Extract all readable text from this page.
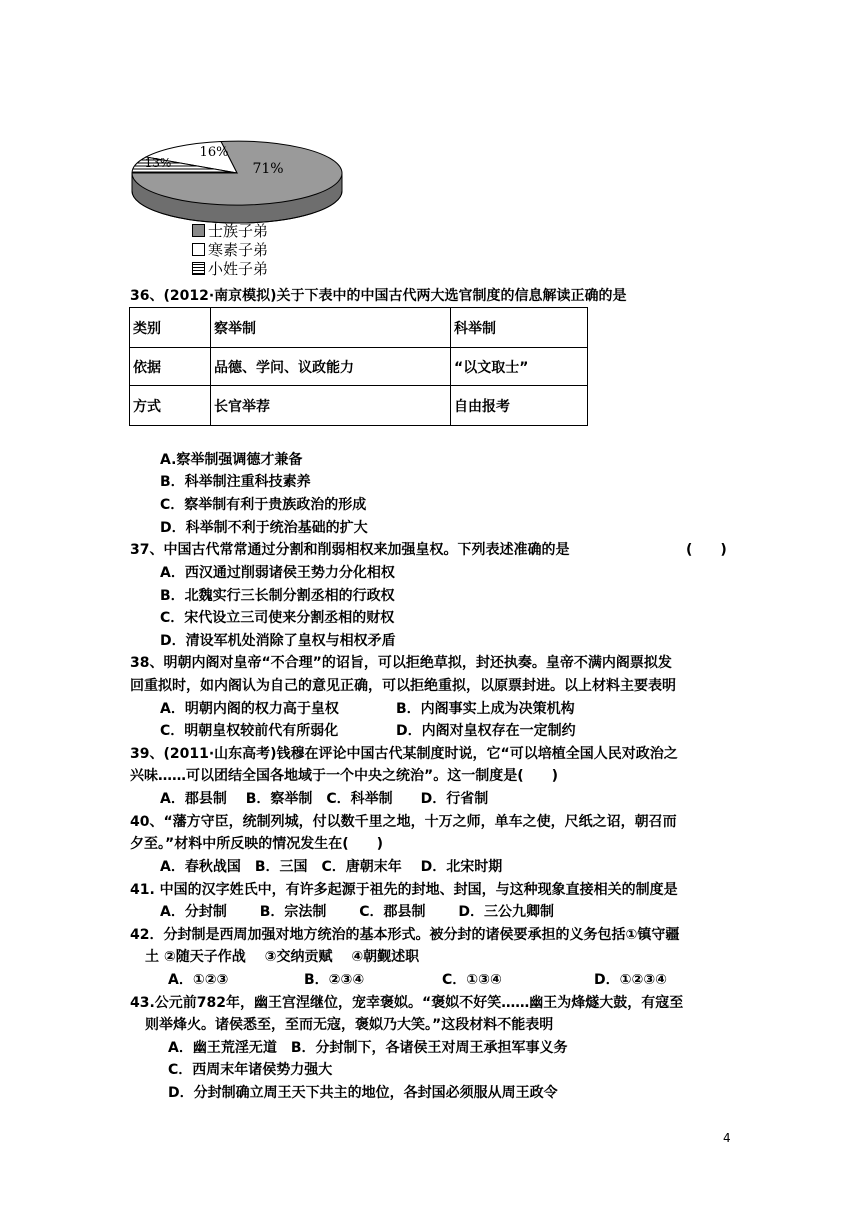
71%
16%
13%
士族子弟
寒素子弟
小姓子弟
36、(2012·南京模拟)关于下表中的中国古代两大选官制度的信息解读正确的是
类别	察举制	科举制
依据	品德、学问、议政能力	“以文取士”
方式	长官举荐	自由报考
A.察举制强调德才兼备
B．科举制注重科技素养
C．察举制有利于贵族政治的形成
D．科举制不利于统治基础的扩大
37、中国古代常常通过分割和削弱相权来加强皇权。下列表述准确的是	(　　)
A．西汉通过削弱诸侯王势力分化相权
B．北魏实行三长制分割丞相的行政权
C．宋代设立三司使来分割丞相的财权
D．清设军机处消除了皇权与相权矛盾
38、明朝内阁对皇帝“不合理”的诏旨，可以拒绝草拟，封还执奏。皇帝不满内阁票拟发
回重拟时，如内阁认为自己的意见正确，可以拒绝重拟，以原票封进。以上材料主要表明
A．明朝内阁的权力高于皇权	B．内阁事实上成为决策机构
C．明朝皇权较前代有所弱化	D．内阁对皇权存在一定制约
39、(2011·山东高考)钱穆在评论中国古代某制度时说，它“可以培植全国人民对政治之
兴味……可以团结全国各地域于一个中央之统治”。这一制度是(　　)
A．郡县制　 B．察举制　C．科举制　　D．行省制
40、“藩方守臣，统制列城，付以数千里之地，十万之师，单车之使，尺纸之诏，朝召而
夕至。”材料中所反映的情况发生在(　　)
A．春秋战国　B．三国　C．唐朝末年　 D．北宋时期
41. 中国的汉字姓氏中，有许多起源于祖先的封地、封国，与这种现象直接相关的制度是
A．分封制　　 B．宗法制　　 C．郡县制　　 D．三公九卿制
42．分封制是西周加强对地方统治的基本形式。被分封的诸侯要承担的义务包括①镇守疆
土 ②随天子作战　 ③交纳贡赋　 ④朝觐述职
A．①②③	B．②③④	C．①③④	D．①②③④
43.公元前782年，幽王宫涅继位，宠幸褒姒。“褒姒不好笑……幽王为烽燧大鼓，有寇至
则举烽火。诸侯悉至，至而无寇，褒姒乃大笑。”这段材料不能表明
A．幽王荒淫无道　B．分封制下，各诸侯王对周王承担军事义务
C．西周末年诸侯势力强大
D．分封制确立周王天下共主的地位，各封国必须服从周王政令
4
